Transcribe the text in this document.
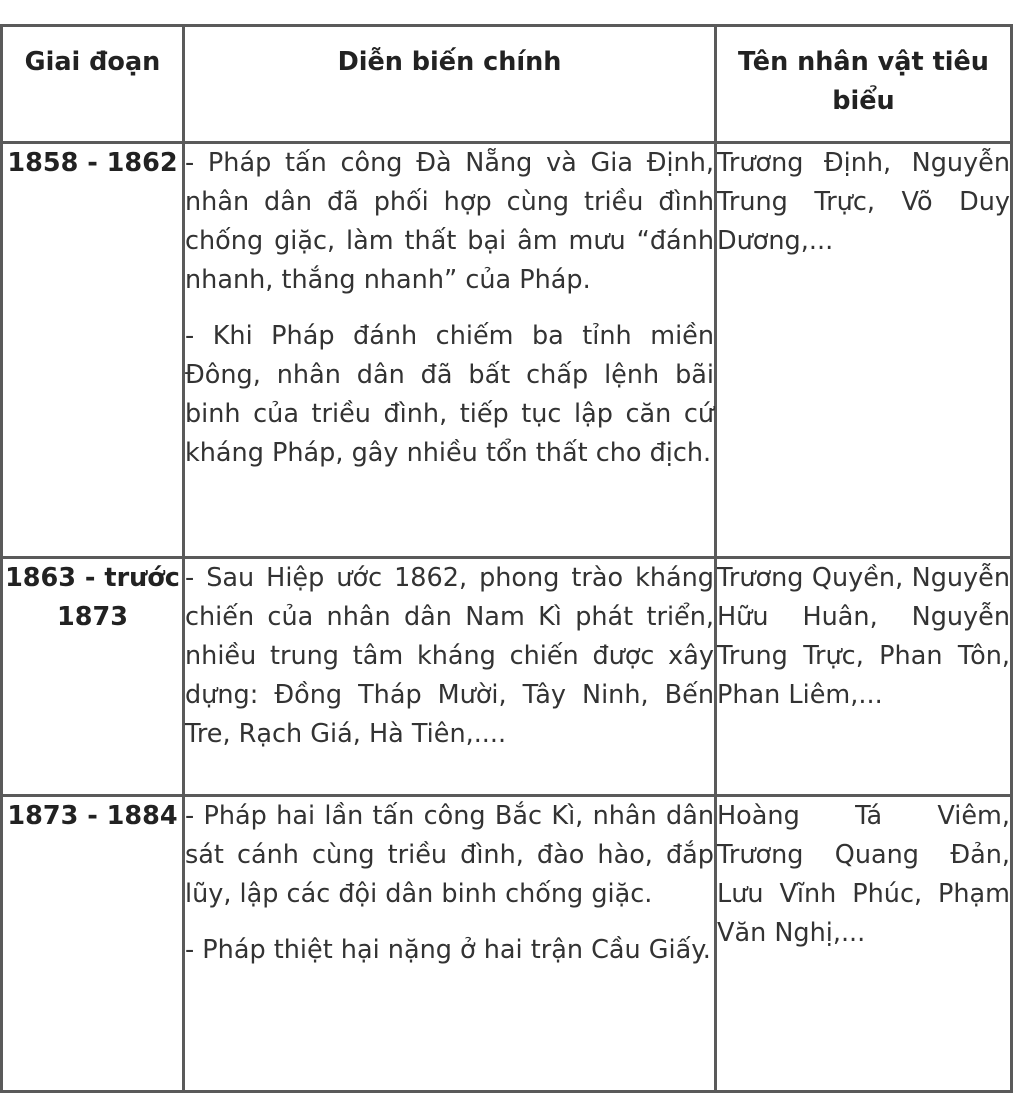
Giai đoạn	Diễn biến chính	Tên nhân vật tiêu biểu
1858 - 1862	- Pháp tấn công Đà Nẵng và Gia Định, nhân dân đã phối hợp cùng triều đình chống giặc, làm thất bại âm mưu “đánh nhanh, thắng nhanh” của Pháp.

- Khi Pháp đánh chiếm ba tỉnh miền Đông, nhân dân đã bất chấp lệnh bãi binh của triều đình, tiếp tục lập căn cứ kháng Pháp, gây nhiều tổn thất cho địch.	Trương Định, Nguyễn Trung Trực, Võ Duy Dương,...

1863 - trước 1873	- Sau Hiệp ước 1862, phong trào kháng chiến của nhân dân Nam Kì phát triển, nhiều trung tâm kháng chiến được xây dựng: Đồng Tháp Mười, Tây Ninh, Bến Tre, Rạch Giá, Hà Tiên,....	Trương Quyền, Nguyễn Hữu Huân, Nguyễn Trung Trực, Phan Tôn, Phan Liêm,...

1873 - 1884	- Pháp hai lần tấn công Bắc Kì, nhân dân sát cánh cùng triều đình, đào hào, đắp lũy, lập các đội dân binh chống giặc.

- Pháp thiệt hại nặng ở hai trận Cầu Giấy.	Hoàng Tá Viêm, Trương Quang Đản, Lưu Vĩnh Phúc, Phạm Văn Nghị,...
